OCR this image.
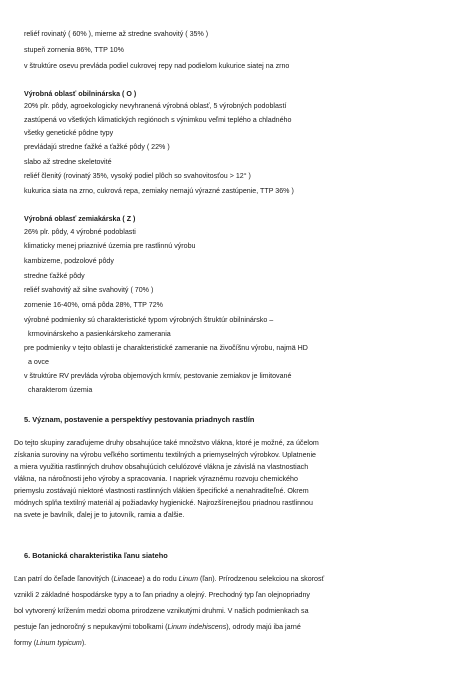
reliéf rovinatý ( 60% ), mierne až stredne svahovitý ( 35% )
stupeň zornenia 86%, TTP 10%
v štruktúre osevu prevláda podiel cukrovej repy nad podielom kukurice siatej na zrno
Výrobná oblasť obilninárska ( O )
20% plr. pôdy, agroekologicky nevyhranená výrobná oblasť, 5 výrobných podoblastí
zastúpená vo všetkých klimatických regiónoch s výnimkou veľmi teplého a chladného
všetky genetické pôdne typy
prevládajú stredne ťažké a ťažké pôdy ( 22% )
slabo až stredne skeletovité
reliéf členitý (rovinatý 35%, vysoký podiel plôch so svahovitosťou > 12° )
kukurica siata na zrno, cukrová repa, zemiaky nemajú výrazné zastúpenie, TTP 36% )
Výrobná oblasť zemiakárska ( Z )
26% plr. pôdy, 4 výrobné podoblasti
klimaticky menej priaznivé územia pre rastlinnú výrobu
kambizeme, podzolové pôdy
stredne ťažké pôdy
reliéf svahovitý až silne svahovitý ( 70% )
zornenie 16-40%, orná pôda 28%, TTP 72%
výrobné podmienky sú charakteristické typom výrobných štruktúr obilninársko –
krmovinárskeho a pasienkárskeho zamerania
pre podmienky v tejto oblasti je charakteristické zameranie na živočíšnu výrobu, najmä HD
a ovce
v štruktúre RV prevláda výroba objemových krmív, pestovanie zemiakov je limitované
charakterom územia
5. Význam, postavenie a perspektívy pestovania priadnych rastlín
Do tejto skupiny zaraďujeme druhy obsahujúce také množstvo vlákna, ktoré je možné, za účelom
získania suroviny na výrobu veľkého sortimentu textilných a priemyselných výrobkov. Uplatnenie
a miera využitia rastlinných druhov obsahujúcich celulózové vlákna je závislá na vlastnostiach
vlákna, na náročnosti jeho výroby a spracovania. I napriek výraznému rozvoju chemického
priemyslu zostávajú niektoré vlastnosti rastlinných vlákien špecifické a nenahraditeľné. Okrem
módnych splňa textilný materiál aj požiadavky hygienické. Najrozšírenejšou priadnou rastlinnou
na svete je bavlník, ďalej je to jutovník, ramia a ďalšie.
6. Botanická charakteristika ľanu siateho
Ľan patrí do čeľade ľanovitých (Linaceae) a do rodu Linum (ľan). Prírodzenou selekciou na skorosť
vznikli 2 základné hospodárske typy a to ľan priadny a olejný. Prechodný typ ľan olejnopriadny
bol vytvorený krížením medzi oboma prirodzene vznikutými druhmi. V našich podmienkach sa
pestuje ľan jednoročný s nepukavými tobolkami (Linum indehiscens), odrody majú iba jarné
formy (Linum typicum).
